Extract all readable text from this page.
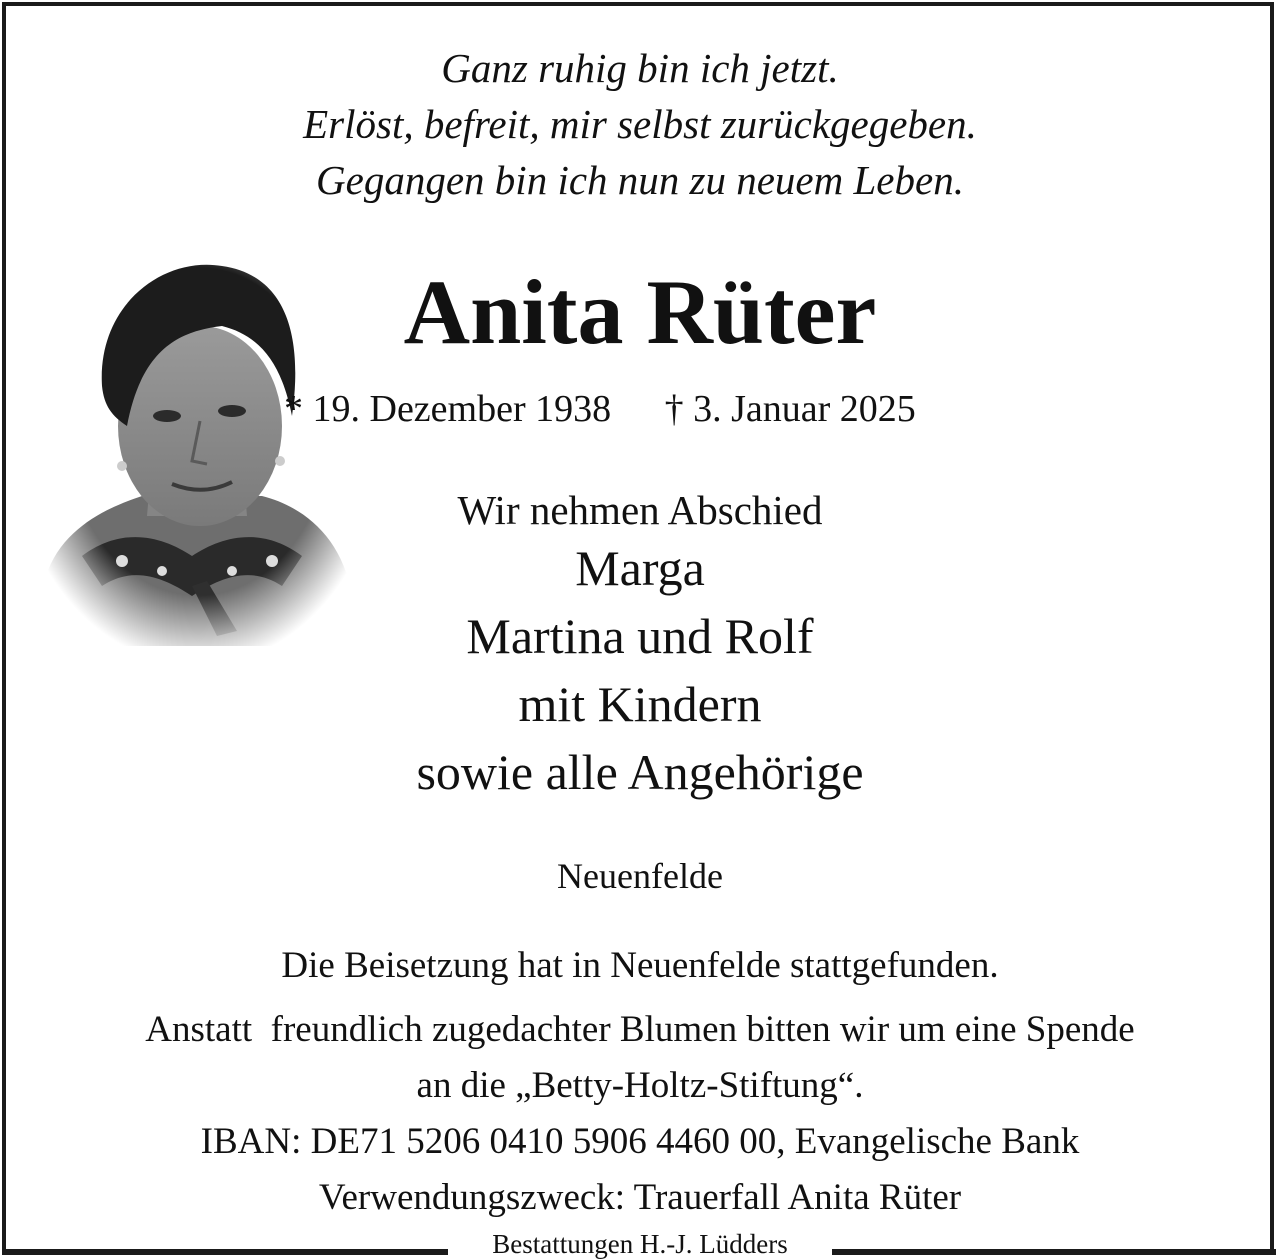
Ganz ruhig bin ich jetzt.
Erlöst, befreit, mir selbst zurückgegeben.
Gegangen bin ich nun zu neuem Leben.
Anita Rüter
* 19. Dezember 1938 † 3. Januar 2025
Wir nehmen Abschied
Marga
Martina und Rolf
mit Kindern
sowie alle Angehörige
Neuenfelde
Die Beisetzung hat in Neuenfelde stattgefunden.
Anstatt  freundlich zugedachter Blumen bitten wir um eine Spende
an die „Betty-Holtz-Stiftung“.
IBAN: DE71 5206 0410 5906 4460 00, Evangelische Bank
Verwendungszweck: Trauerfall Anita Rüter
Bestattungen H.-J. Lüdders
